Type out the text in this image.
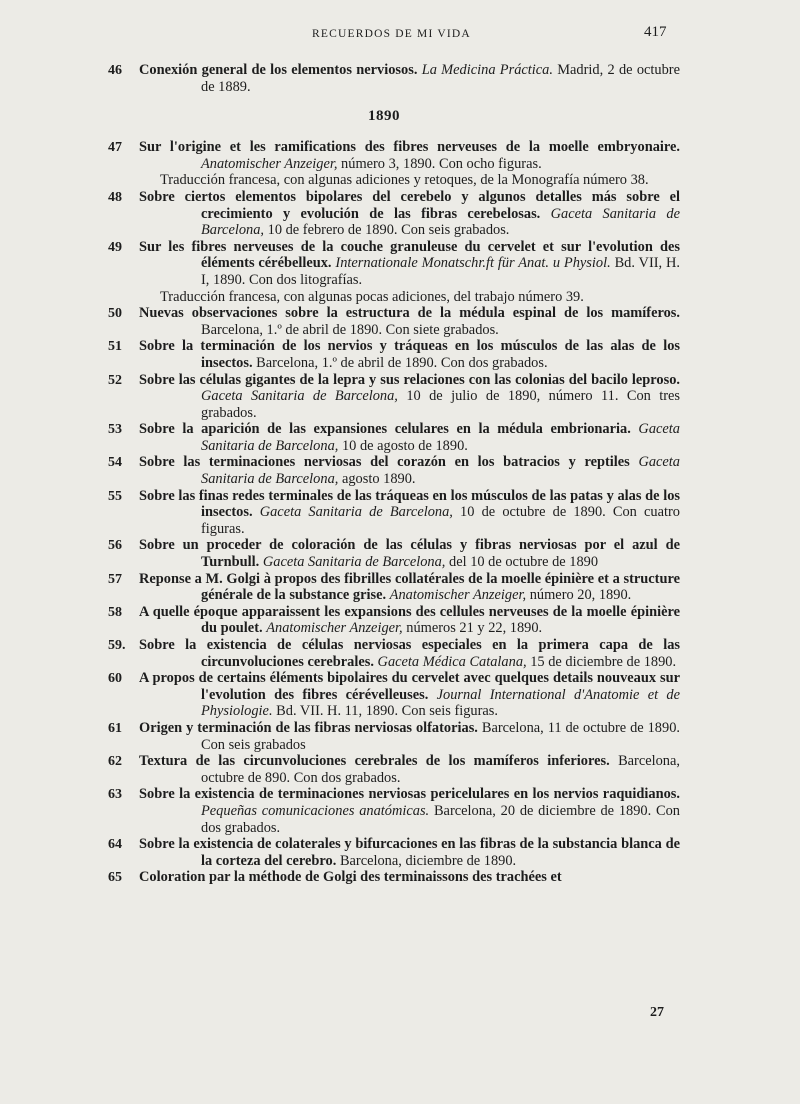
RECUERDOS DE MI VIDA	417
46 Conexión general de los elementos nerviosos. La Medicina Práctica. Madrid, 2 de octubre de 1889.
1890
47 Sur l'origine et les ramifications des fibres nerveuses de la moelle embryonaire. Anatomischer Anzeiger, número 3, 1890. Con ocho figuras.
Traducción francesa, con algunas adiciones y retoques, de la Monografía número 38.
48 Sobre ciertos elementos bipolares del cerebelo y algunos detalles más sobre el crecimiento y evolución de las fibras cerebelosas. Gaceta Sanitaria de Barcelona, 10 de febrero de 1890. Con seis grabados.
49 Sur les fibres nerveuses de la couche granuleuse du cervelet et sur l'evolution des éléments cérébelleux. Internationale Monatschr.ft für Anat. u Physiol. Bd. VII, H. I, 1890. Con dos litografías.
Traducción francesa, con algunas pocas adiciones, del trabajo número 39.
50 Nuevas observaciones sobre la estructura de la médula espinal de los mamíferos. Barcelona, 1.º de abril de 1890. Con siete grabados.
51 Sobre la terminación de los nervios y tráqueas en los músculos de las alas de los insectos. Barcelona, 1.º de abril de 1890. Con dos grabados.
52 Sobre las células gigantes de la lepra y sus relaciones con las colonias del bacilo leproso. Gaceta Sanitaria de Barcelona, 10 de julio de 1890, número 11. Con tres grabados.
53 Sobre la aparición de las expansiones celulares en la médula embrionaria. Gaceta Sanitaria de Barcelona, 10 de agosto de 1890.
54 Sobre las terminaciones nerviosas del corazón en los batracios y reptiles Gaceta Sanitaria de Barcelona, agosto 1890.
55 Sobre las finas redes terminales de las tráqueas en los músculos de las patas y alas de los insectos. Gaceta Sanitaria de Barcelona, 10 de octubre de 1890. Con cuatro figuras.
56 Sobre un proceder de coloración de las células y fibras nerviosas por el azul de Turnbull. Gaceta Sanitaria de Barcelona, del 10 de octubre de 1890
57 Reponse a M. Golgi à propos des fibrilles collatérales de la moelle épinière et a structure générale de la substance grise. Anatomischer Anzeiger, número 20, 1890.
58 A quelle époque apparaissent les expansions des cellules nerveuses de la moelle épinière du poulet. Anatomischer Anzeiger, números 21 y 22, 1890.
59. Sobre la existencia de células nerviosas especiales en la primera capa de las circunvoluciones cerebrales. Gaceta Médica Catalana, 15 de diciembre de 1890.
60 A propos de certains éléments bipolaires du cervelet avec quelques details nouveaux sur l'evolution des fibres cérévelleuses. Journal International d'Anatomie et de Physiologie. Bd. VII. H. 11, 1890. Con seis figuras.
61 Origen y terminación de las fibras nerviosas olfatorias. Barcelona, 11 de octubre de 1890. Con seis grabados
62 Textura de las circunvoluciones cerebrales de los mamíferos inferiores. Barcelona, octubre de 890. Con dos grabados.
63 Sobre la existencia de terminaciones nerviosas pericelulares en los nervios raquidianos. Pequeñas comunicaciones anatómicas. Barcelona, 20 de diciembre de 1890. Con dos grabados.
64 Sobre la existencia de colaterales y bifurcaciones en las fibras de la substancia blanca de la corteza del cerebro. Barcelona, diciembre de 1890.
65 Coloration par la méthode de Golgi des terminaissons des trachées et
27
